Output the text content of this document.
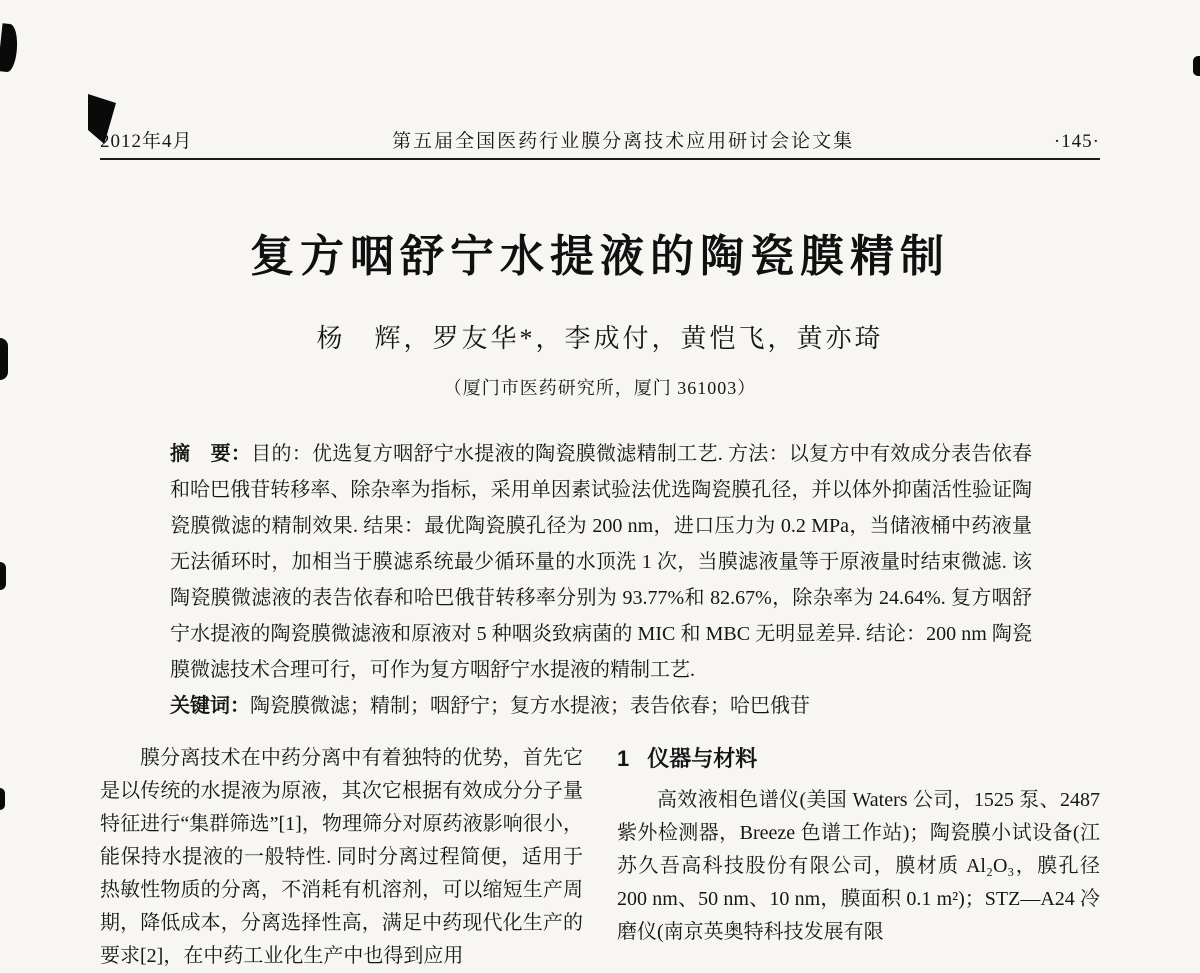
2012年4月	第五届全国医药行业膜分离技术应用研讨会论文集	·145·
复方咽舒宁水提液的陶瓷膜精制
杨　辉，罗友华*，李成付，黄恺飞，黄亦琦
（厦门市医药研究所，厦门 361003）

摘　要：目的：优选复方咽舒宁水提液的陶瓷膜微滤精制工艺. 方法：以复方中有效成分表告依春和哈巴俄苷转移率、除杂率为指标，采用单因素试验法优选陶瓷膜孔径，并以体外抑菌活性验证陶瓷膜微滤的精制效果. 结果：最优陶瓷膜孔径为 200 nm，进口压力为 0.2 MPa，当储液桶中药液量无法循环时，加相当于膜滤系统最少循环量的水顶洗 1 次，当膜滤液量等于原液量时结束微滤. 该陶瓷膜微滤液的表告依春和哈巴俄苷转移率分别为 93.77%和 82.67%，除杂率为 24.64%. 复方咽舒宁水提液的陶瓷膜微滤液和原液对 5 种咽炎致病菌的 MIC 和 MBC 无明显差异. 结论：200 nm 陶瓷膜微滤技术合理可行，可作为复方咽舒宁水提液的精制工艺.

关键词：陶瓷膜微滤；精制；咽舒宁；复方水提液；表告依春；哈巴俄苷

膜分离技术在中药分离中有着独特的优势，首先它是以传统的水提液为原液，其次它根据有效成分分子量特征进行“集群筛选”[1]，物理筛分对原药液影响很小，能保持水提液的一般特性. 同时分离过程简便，适用于热敏性物质的分离，不消耗有机溶剂，可以缩短生产周期，降低成本，分离选择性高，满足中药现代化生产的要求[2]，在中药工业化生产中也得到应用

1 仪器与材料

高效液相色谱仪(美国 Waters 公司，1525 泵、2487 紫外检测器，Breeze 色谱工作站)；陶瓷膜小试设备(江苏久吾高科技股份有限公司，膜材质 Al₂O₃，膜孔径 200 nm、50 nm、10 nm，膜面积 0.1 m²)；STZ—A24 冷磨仪(南京英奥特科技发展有限
